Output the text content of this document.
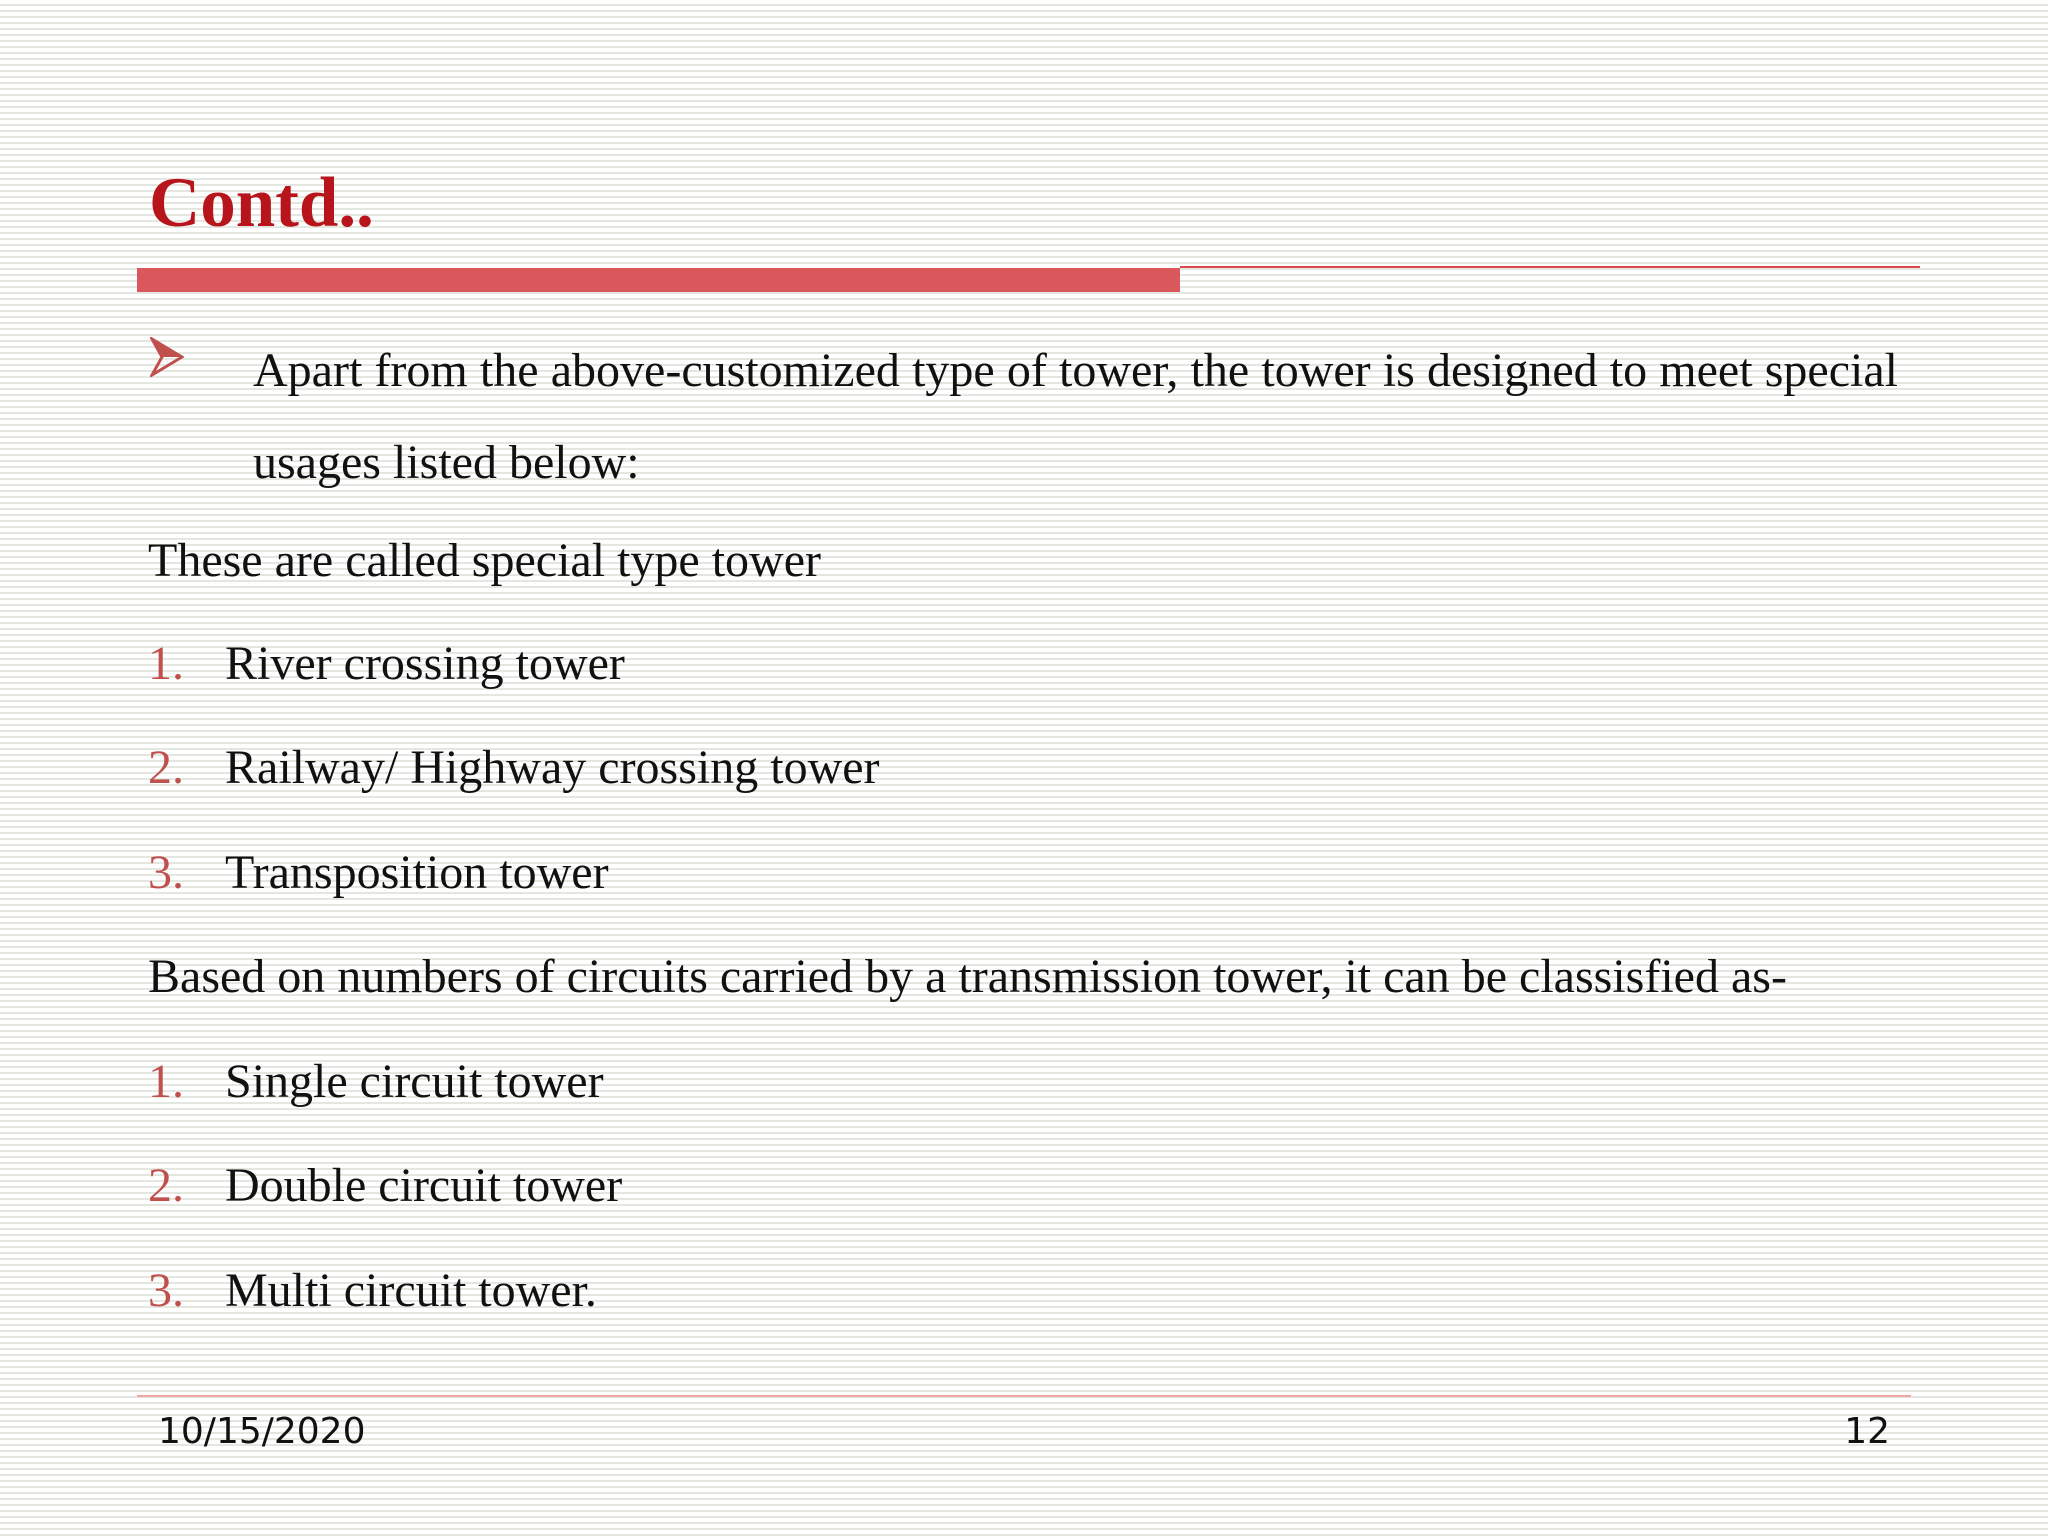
Contd..
Apart from the above-customized type of tower, the tower is designed to meet special usages listed below:
These are called special type tower
1. River crossing tower
2. Railway/ Highway crossing tower
3. Transposition tower
Based on numbers of circuits carried by a transmission tower, it can be classisfied as-
1. Single circuit tower
2. Double circuit tower
3. Multi circuit tower.
10/15/2020	12
